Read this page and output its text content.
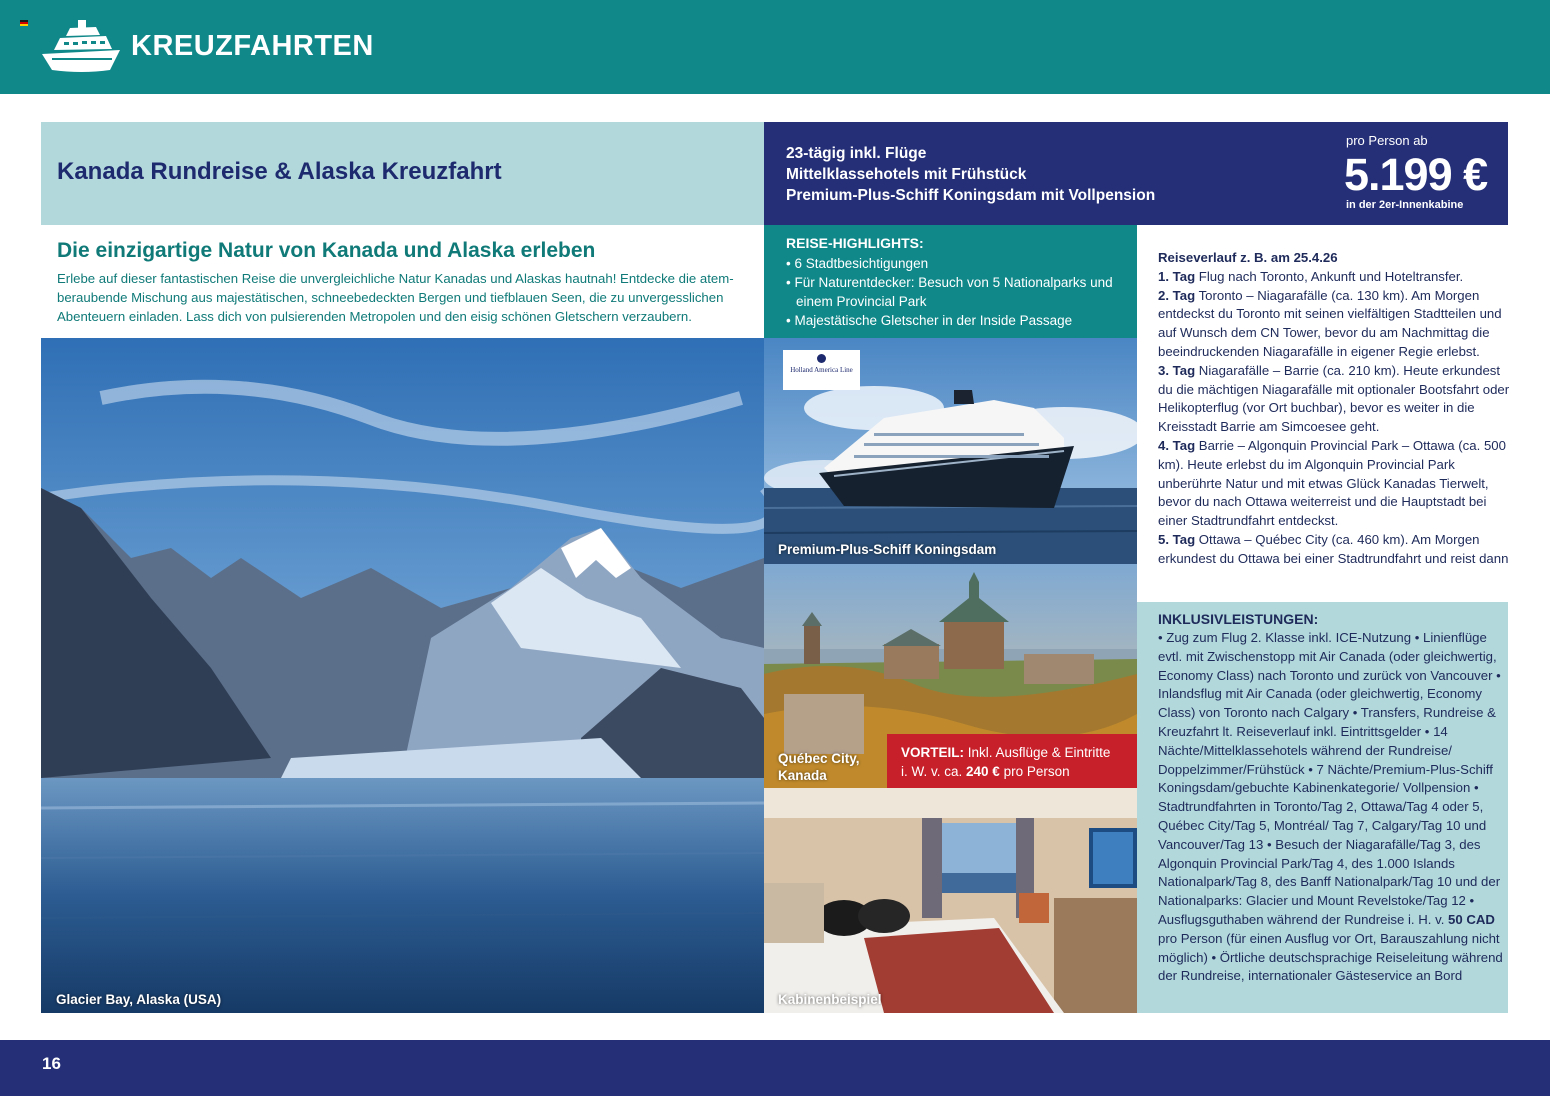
KREUZFAHRTEN
Kanada Rundreise & Alaska Kreuzfahrt
23-tägig inkl. Flüge
Mittelklassehotels mit Frühstück
Premium-Plus-Schiff Koningsdam mit Vollpension
pro Person ab
5.199 €
in der 2er-Innenkabine
Die einzigartige Natur von Kanada und Alaska erleben

Erlebe auf dieser fantastischen Reise die unvergleichliche Natur Kanadas und Alaskas hautnah! Entdecke die atemberaubende Mischung aus majestätischen, schneebedeckten Bergen und tiefblauen Seen, die zu unvergesslichen Abenteuern einladen. Lass dich von pulsierenden Metropolen und den eisig schönen Gletschern verzaubern.

REISE-HIGHLIGHTS:
• 6 Stadtbesichtigungen
• Für Naturentdecker: Besuch von 5 Nationalparks und einem Provincial Park
• Majestätische Gletscher in der Inside Passage
Glacier Bay, Alaska (USA)
Holland America Line
Premium-Plus-Schiff Koningsdam
Québec City,
Kanada
VORTEIL: Inkl. Ausflüge & Eintritte
i. W. v. ca. 240 € pro Person
Kabinenbeispiel
Reiseverlauf z. B. am 25.4.26
1. Tag Flug nach Toronto, Ankunft und Hoteltransfer.
2. Tag Toronto – Niagarafälle (ca. 130 km). Am Morgen entdeckst du Toronto mit seinen vielfältigen Stadtteilen und auf Wunsch dem CN Tower, bevor du am Nachmittag die beeindruckenden Niagarafälle in eigener Regie erlebst.
3. Tag Niagarafälle – Barrie (ca. 210 km). Heute erkundest du die mächtigen Niagarafälle mit optionaler Bootsfahrt oder Helikopterflug (vor Ort buchbar), bevor es weiter in die Kreisstadt Barrie am Simcoesee geht.
4. Tag Barrie – Algonquin Provincial Park – Ottawa (ca. 500 km). Heute erlebst du im Algonquin Provincial Park unberührte Natur und mit etwas Glück Kanadas Tierwelt, bevor du nach Ottawa weiterreist und die Hauptstadt bei einer Stadtrundfahrt entdeckst.
5. Tag Ottawa – Québec City (ca. 460 km). Am Morgen erkundest du Ottawa bei einer Stadtrundfahrt und reist dann
INKLUSIVLEISTUNGEN:

• Zug zum Flug 2. Klasse inkl. ICE-Nutzung • Linienflüge evtl. mit Zwischenstopp mit Air Canada (oder gleichwertig, Economy Class) nach Toronto und zurück von Vancouver • Inlandsflug mit Air Canada (oder gleichwertig, Economy Class) von Toronto nach Calgary • Transfers, Rundreise & Kreuzfahrt lt. Reiseverlauf inkl. Eintrittsgelder • 14 Nächte/Mittelklassehotels während der Rundreise/ Doppelzimmer/Frühstück • 7 Nächte/Premium-Plus-Schiff Koningsdam/gebuchte Kabinenkategorie/ Vollpension • Stadtrundfahrten in Toronto/Tag 2, Ottawa/Tag 4 oder 5, Québec City/Tag 5, Montréal/ Tag 7, Calgary/Tag 10 und Vancouver/Tag 13 • Besuch der Niagarafälle/Tag 3, des Algonquin Provincial Park/Tag 4, des 1.000 Islands Nationalpark/Tag 8, des Banff Nationalpark/Tag 10 und der Nationalparks: Glacier und Mount Revelstoke/Tag 12 • Ausflugsguthaben während der Rundreise i. H. v. 50 CAD pro Person (für einen Ausflug vor Ort, Barauszahlung nicht möglich) • Örtliche deutschsprachige Reiseleitung während der Rundreise, internationaler Gästeservice an Bord

16
